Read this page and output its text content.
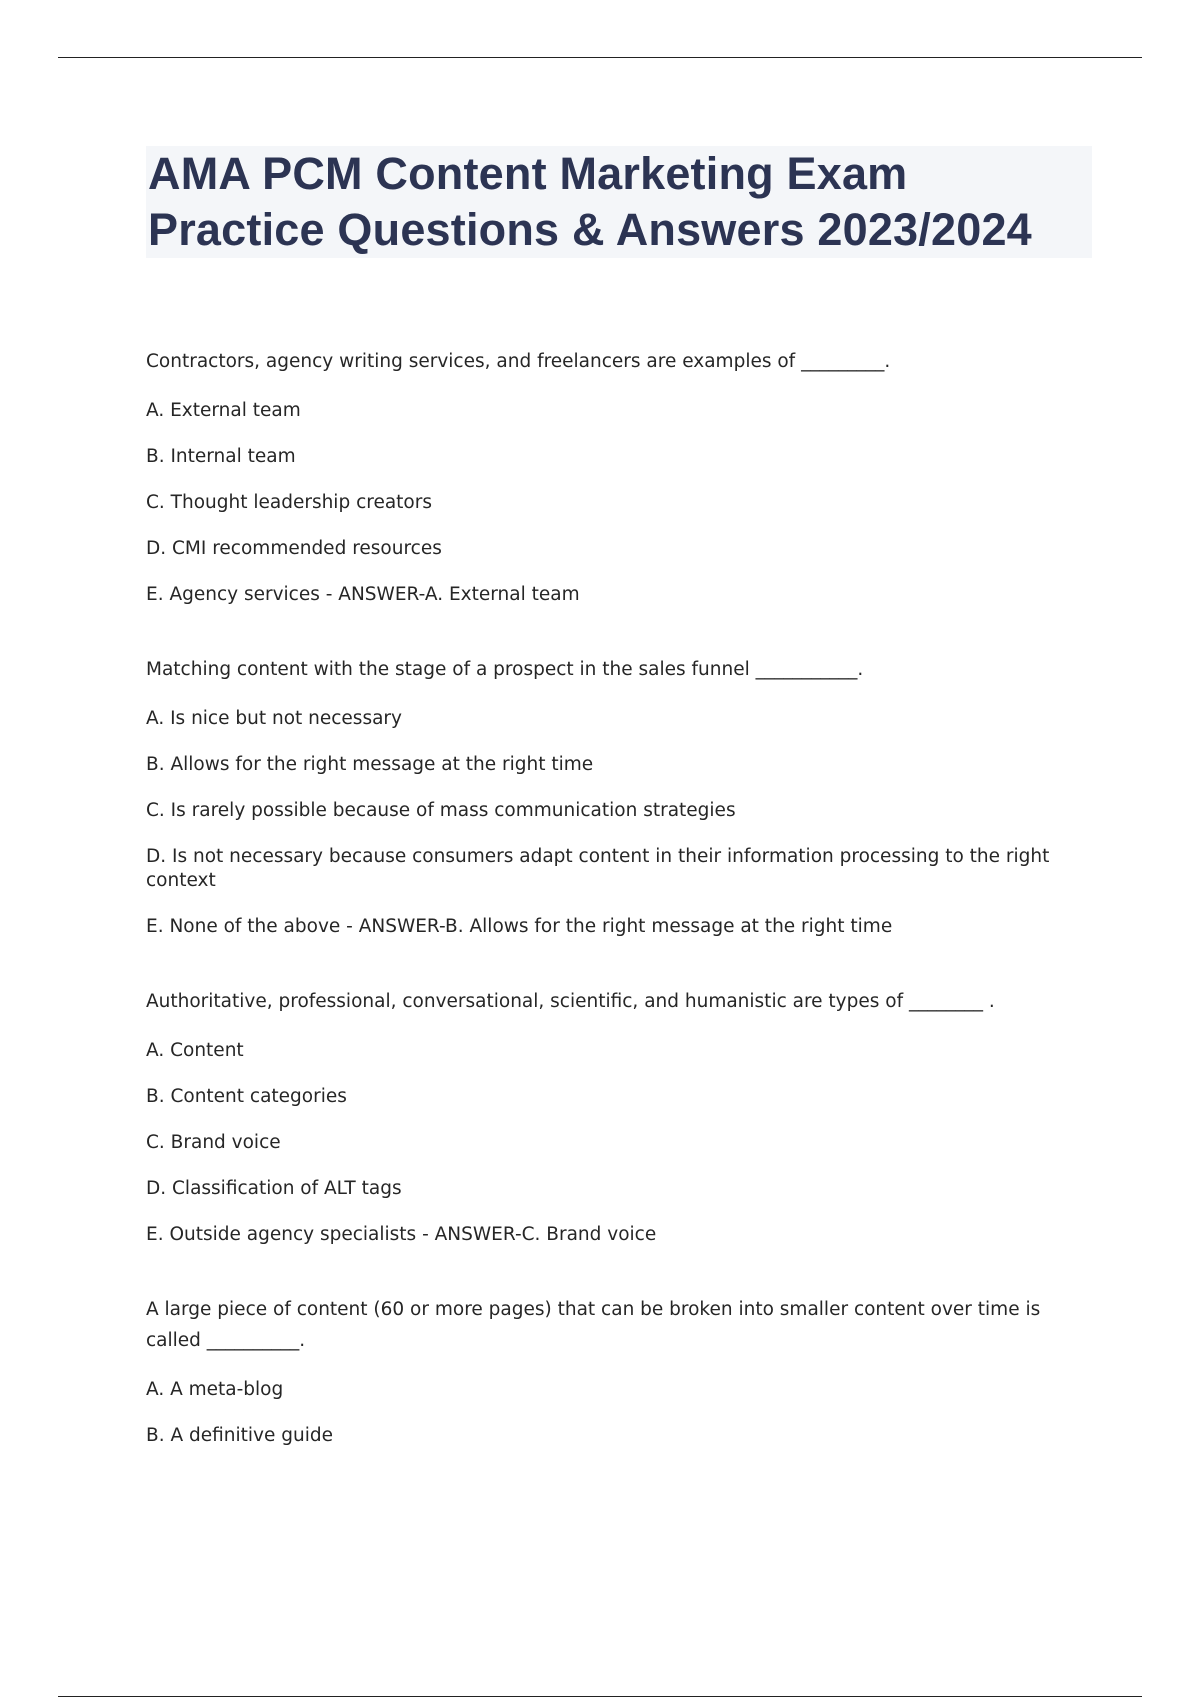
AMA PCM Content Marketing Exam
Practice Questions & Answers 2023/2024

Contractors, agency writing services, and freelancers are examples of _________.

A. External team

B. Internal team

C. Thought leadership creators

D. CMI recommended resources

E. Agency services - ANSWER-A. External team

Matching content with the stage of a prospect in the sales funnel ___________.

A. Is nice but not necessary

B. Allows for the right message at the right time

C. Is rarely possible because of mass communication strategies

D. Is not necessary because consumers adapt content in their information processing to the right context

E. None of the above - ANSWER-B. Allows for the right message at the right time

Authoritative, professional, conversational, scientific, and humanistic are types of ________ .

A. Content

B. Content categories

C. Brand voice

D. Classification of ALT tags

E. Outside agency specialists - ANSWER-C. Brand voice

A large piece of content (60 or more pages) that can be broken into smaller content over time is called __________.

A. A meta-blog

B. A definitive guide
